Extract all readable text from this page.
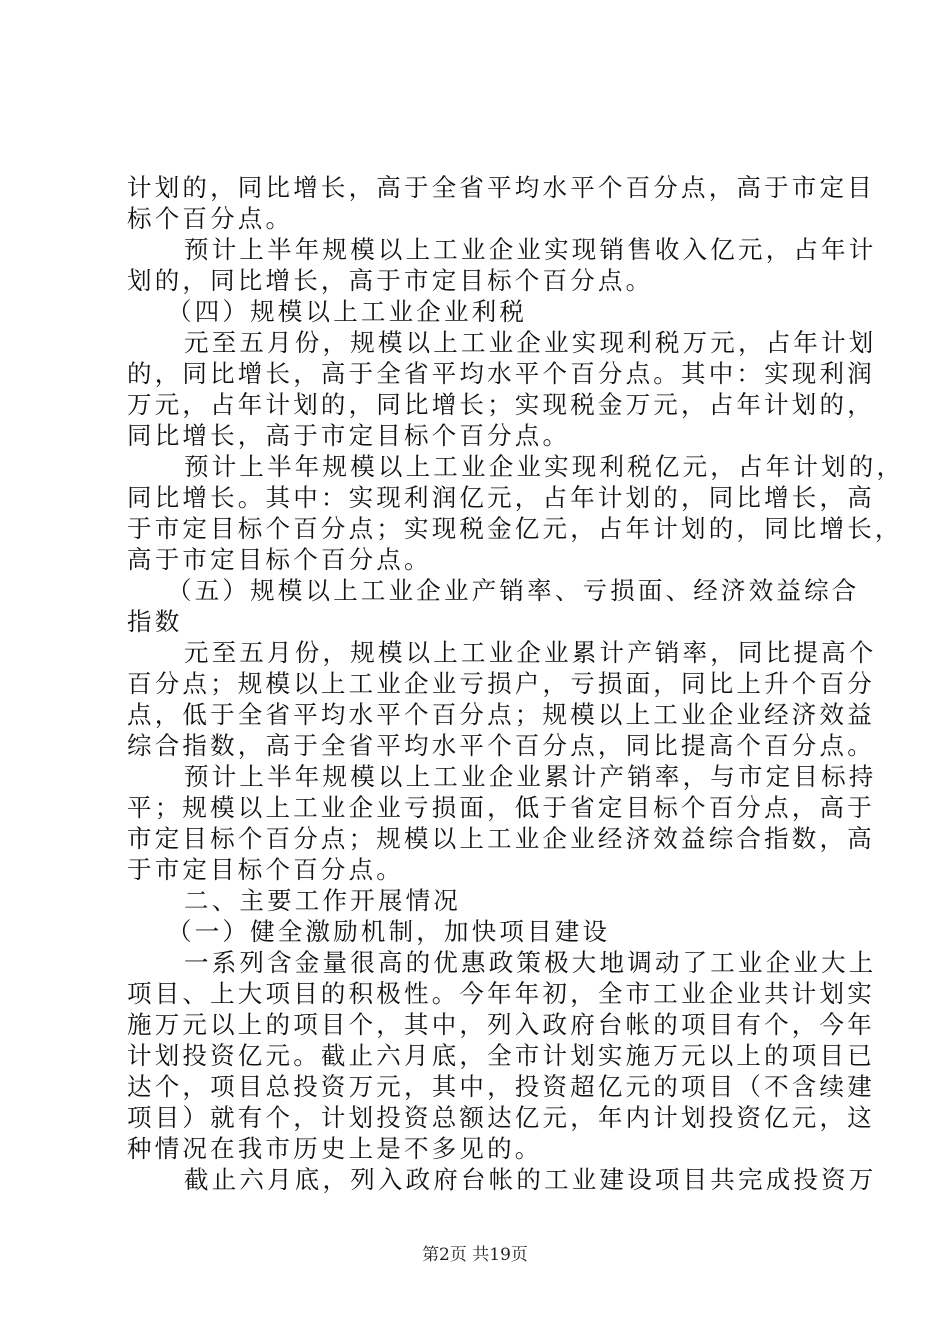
计划的，同比增长，高于全省平均水平个百分点，高于市定目
标个百分点。
预计上半年规模以上工业企业实现销售收入亿元，占年计
划的，同比增长，高于市定目标个百分点。
（四）规模以上工业企业利税
元至五月份，规模以上工业企业实现利税万元，占年计划
的，同比增长，高于全省平均水平个百分点。其中：实现利润
万元，占年计划的，同比增长；实现税金万元，占年计划的，
同比增长，高于市定目标个百分点。
预计上半年规模以上工业企业实现利税亿元，占年计划的，
同比增长。其中：实现利润亿元，占年计划的，同比增长，高
于市定目标个百分点；实现税金亿元，占年计划的，同比增长，
高于市定目标个百分点。
（五）规模以上工业企业产销率、亏损面、经济效益综合
指数
元至五月份，规模以上工业企业累计产销率，同比提高个
百分点；规模以上工业企业亏损户，亏损面，同比上升个百分
点，低于全省平均水平个百分点；规模以上工业企业经济效益
综合指数，高于全省平均水平个百分点，同比提高个百分点。
预计上半年规模以上工业企业累计产销率，与市定目标持
平；规模以上工业企业亏损面，低于省定目标个百分点，高于
市定目标个百分点；规模以上工业企业经济效益综合指数，高
于市定目标个百分点。
二、主要工作开展情况
（一）健全激励机制，加快项目建设
一系列含金量很高的优惠政策极大地调动了工业企业大上
项目、上大项目的积极性。今年年初，全市工业企业共计划实
施万元以上的项目个，其中，列入政府台帐的项目有个，今年
计划投资亿元。截止六月底，全市计划实施万元以上的项目已
达个，项目总投资万元，其中，投资超亿元的项目（不含续建
项目）就有个，计划投资总额达亿元，年内计划投资亿元，这
种情况在我市历史上是不多见的。
截止六月底，列入政府台帐的工业建设项目共完成投资万
第2页 共19页
